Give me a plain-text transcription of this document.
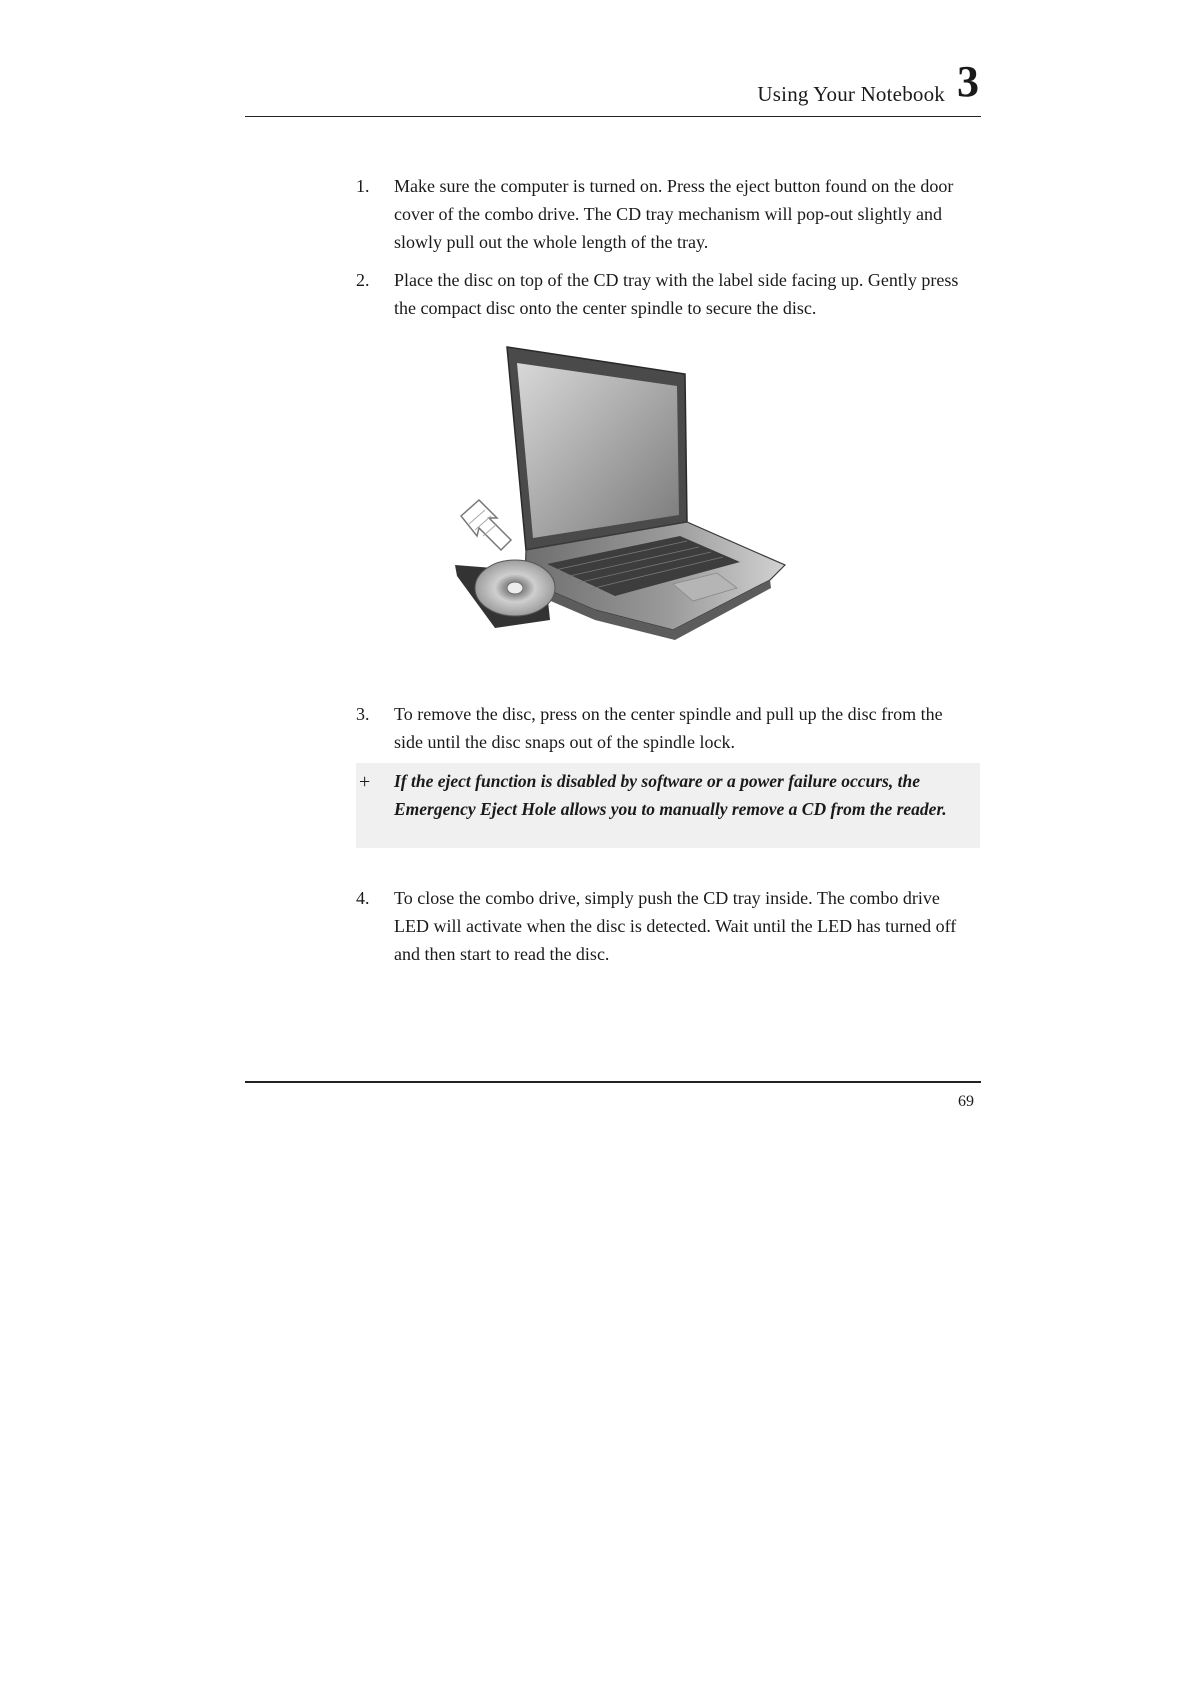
Using Your Notebook 3
1.	Make sure the computer is turned on. Press the eject button found on the door cover of the combo drive. The CD tray mechanism will pop-out slightly and slowly pull out the whole length of the tray.
2.	Place the disc on top of the CD tray with the label side facing up. Gently press the compact disc onto the center spindle to secure the disc.
3.	To remove the disc, press on the center spindle and pull up the disc from the side until the disc snaps out of the spindle lock.
+ If the eject function is disabled by software or a power failure occurs, the Emergency Eject Hole allows you to manually remove a CD from the reader.
4.	To close the combo drive, simply push the CD tray inside. The combo drive LED will activate when the disc is detected. Wait until the LED has turned off and then start to read the disc.
69
